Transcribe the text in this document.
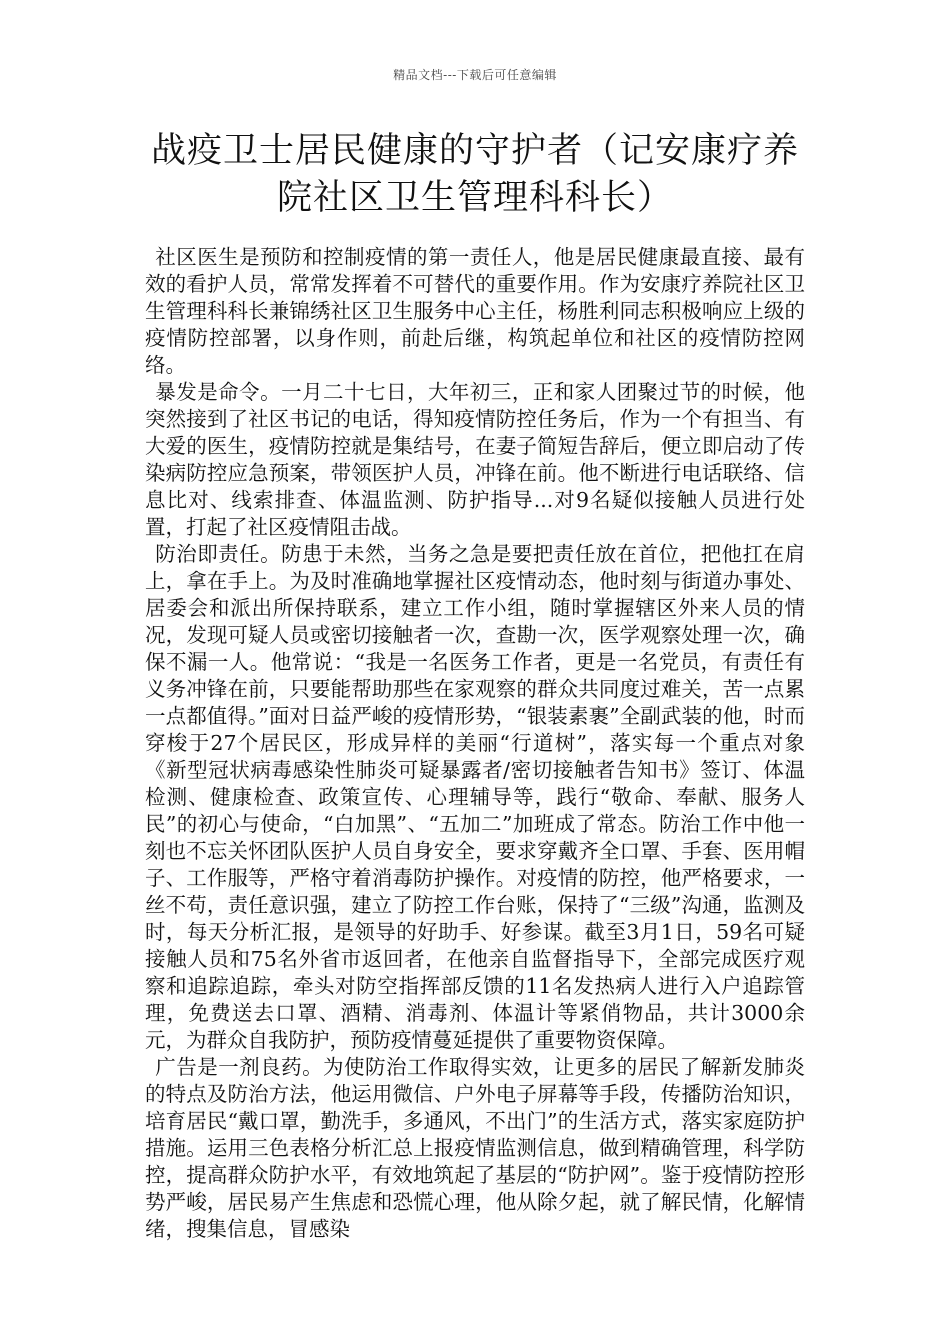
精品文档---下载后可任意编辑
战疫卫士居民健康的守护者（记安康疗养
院社区卫生管理科科长）

社区医生是预防和控制疫情的第一责任人，他是居民健康最直接、最有效的看护人员，常常发挥着不可替代的重要作用。作为安康疗养院社区卫生管理科科长兼锦绣社区卫生服务中心主任，杨胜利同志积极响应上级的疫情防控部署，以身作则，前赴后继，构筑起单位和社区的疫情防控网络。

暴发是命令。一月二十七日，大年初三，正和家人团聚过节的时候，他突然接到了社区书记的电话，得知疫情防控任务后，作为一个有担当、有大爱的医生，疫情防控就是集结号，在妻子简短告辞后，便立即启动了传染病防控应急预案，带领医护人员，冲锋在前。他不断进行电话联络、信息比对、线索排查、体温监测、防护指导...对9名疑似接触人员进行处置，打起了社区疫情阻击战。

防治即责任。防患于未然，当务之急是要把责任放在首位，把他扛在肩上，拿在手上。为及时准确地掌握社区疫情动态，他时刻与街道办事处、居委会和派出所保持联系，建立工作小组，随时掌握辖区外来人员的情况，发现可疑人员或密切接触者一次，查勘一次，医学观察处理一次，确保不漏一人。他常说：“我是一名医务工作者，更是一名党员，有责任有义务冲锋在前，只要能帮助那些在家观察的群众共同度过难关，苦一点累一点都值得。”面对日益严峻的疫情形势，“银装素裹”全副武装的他，时而穿梭于27个居民区，形成异样的美丽“行道树”，落实每一个重点对象《新型冠状病毒感染性肺炎可疑暴露者/密切接触者告知书》签订、体温检测、健康检查、政策宣传、心理辅导等，践行“敬命、奉献、服务人民”的初心与使命，“白加黑”、“五加二”加班成了常态。防治工作中他一刻也不忘关怀团队医护人员自身安全，要求穿戴齐全口罩、手套、医用帽子、工作服等，严格守着消毒防护操作。对疫情的防控，他严格要求，一丝不苟，责任意识强，建立了防控工作台账，保持了“三级”沟通，监测及时，每天分析汇报，是领导的好助手、好参谋。截至3月1日，59名可疑接触人员和75名外省市返回者，在他亲自监督指导下，全部完成医疗观察和追踪追踪，牵头对防空指挥部反馈的11名发热病人进行入户追踪管理，免费送去口罩、酒精、消毒剂、体温计等紧俏物品，共计3000余元，为群众自我防护，预防疫情蔓延提供了重要物资保障。

广告是一剂良药。为使防治工作取得实效，让更多的居民了解新发肺炎的特点及防治方法，他运用微信、户外电子屏幕等手段，传播防治知识，培育居民“戴口罩，勤洗手，多通风，不出门”的生活方式，落实家庭防护措施。运用三色表格分析汇总上报疫情监测信息，做到精确管理，科学防控，提高群众防护水平，有效地筑起了基层的“防护网”。鉴于疫情防控形势严峻，居民易产生焦虑和恐慌心理，他从除夕起，就了解民情，化解情绪，搜集信息，冒感染
